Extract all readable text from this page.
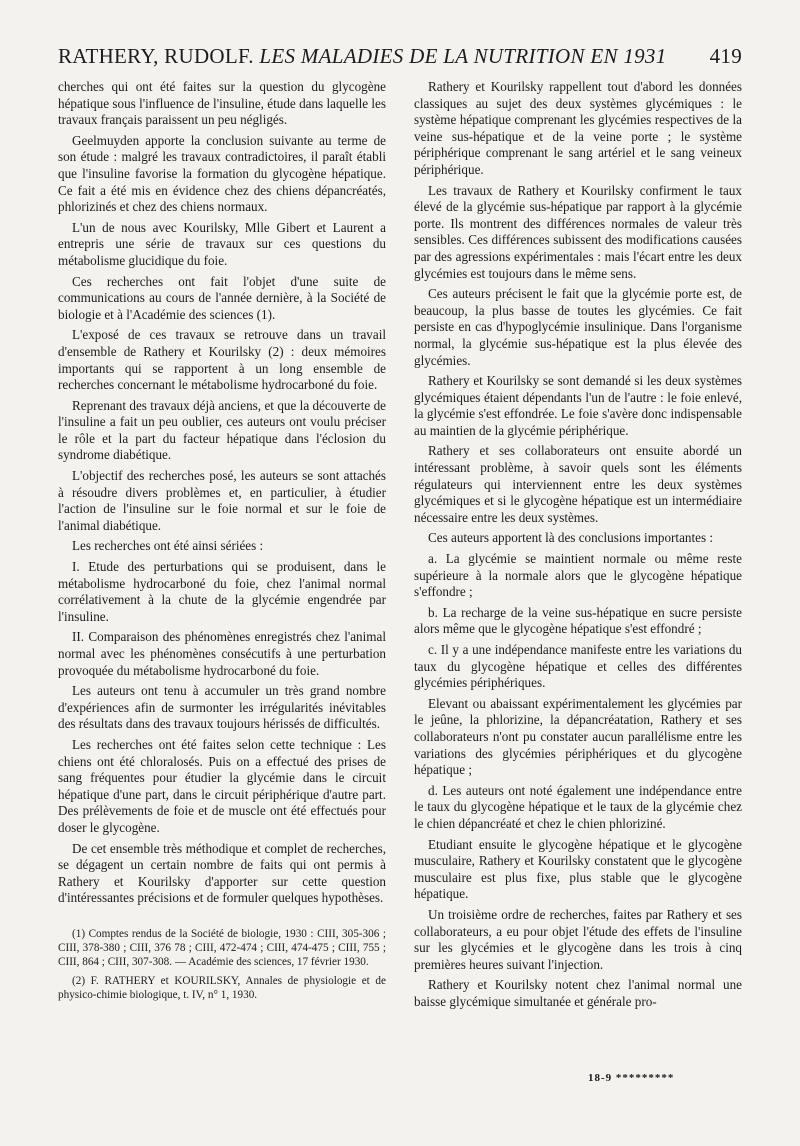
RATHERY, RUDOLF. LES MALADIES DE LA NUTRITION EN 1931 419

cherches qui ont été faites sur la question du glycogène hépatique sous l'influence de l'insuline, étude dans laquelle les travaux français paraissent un peu négligés.

Geelmuyden apporte la conclusion suivante au terme de son étude : malgré les travaux contradictoires, il paraît établi que l'insuline favorise la formation du glycogène hépatique. Ce fait a été mis en évidence chez des chiens dépancréatés, phlorizinés et chez des chiens normaux.

L'un de nous avec Kourilsky, Mlle Gibert et Laurent a entrepris une série de travaux sur ces questions du métabolisme glucidique du foie.

Ces recherches ont fait l'objet d'une suite de communications au cours de l'année dernière, à la Société de biologie et à l'Académie des sciences (1).

L'exposé de ces travaux se retrouve dans un travail d'ensemble de Rathery et Kourilsky (2) : deux mémoires importants qui se rapportent à un long ensemble de recherches concernant le métabolisme hydrocarboné du foie.

Reprenant des travaux déjà anciens, et que la découverte de l'insuline a fait un peu oublier, ces auteurs ont voulu préciser le rôle et la part du facteur hépatique dans l'éclosion du syndrome diabétique.

L'objectif des recherches posé, les auteurs se sont attachés à résoudre divers problèmes et, en particulier, à étudier l'action de l'insuline sur le foie normal et sur le foie de l'animal diabétique.

Les recherches ont été ainsi sériées :

I. Etude des perturbations qui se produisent, dans le métabolisme hydrocarboné du foie, chez l'animal normal corrélativement à la chute de la glycémie engendrée par l'insuline.

II. Comparaison des phénomènes enregistrés chez l'animal normal avec les phénomènes consécutifs à une perturbation provoquée du métabolisme hydrocarboné du foie.

Les auteurs ont tenu à accumuler un très grand nombre d'expériences afin de surmonter les irrégularités inévitables des résultats dans des travaux toujours hérissés de difficultés.

Les recherches ont été faites selon cette technique : Les chiens ont été chloralosés. Puis on a effectué des prises de sang fréquentes pour étudier la glycémie dans le circuit hépatique d'une part, dans le circuit périphérique d'autre part. Des prélèvements de foie et de muscle ont été effectués pour doser le glycogène.

De cet ensemble très méthodique et complet de recherches, se dégagent un certain nombre de faits qui ont permis à Rathery et Kourilsky d'apporter sur cette question d'intéressantes précisions et de formuler quelques hypothèses.

(1) Comptes rendus de la Société de biologie, 1930 : CIII, 305-306 ; CIII, 378-380 ; CIII, 376 78 ; CIII, 472-474 ; CIII, 474-475 ; CIII, 755 ; CIII, 864 ; CIII, 307-308. — Académie des sciences, 17 février 1930.

(2) F. RATHERY et KOURILSKY, Annales de physiologie et de physico-chimie biologique, t. IV, n° 1, 1930.

Rathery et Kourilsky rappellent tout d'abord les données classiques au sujet des deux systèmes glycémiques : le système hépatique comprenant les glycémies respectives de la veine sus-hépatique et de la veine porte ; le système périphérique comprenant le sang artériel et le sang veineux périphérique.

Les travaux de Rathery et Kourilsky confirment le taux élevé de la glycémie sus-hépatique par rapport à la glycémie porte. Ils montrent des différences normales de valeur très sensibles. Ces différences subissent des modifications causées par des agressions expérimentales : mais l'écart entre les deux glycémies est toujours dans le même sens.

Ces auteurs précisent le fait que la glycémie porte est, de beaucoup, la plus basse de toutes les glycémies. Ce fait persiste en cas d'hypoglycémie insulinique. Dans l'organisme normal, la glycémie sus-hépatique est la plus élevée des glycémies.

Rathery et Kourilsky se sont demandé si les deux systèmes glycémiques étaient dépendants l'un de l'autre : le foie enlevé, la glycémie s'est effondrée. Le foie s'avère donc indispensable au maintien de la glycémie périphérique.

Rathery et ses collaborateurs ont ensuite abordé un intéressant problème, à savoir quels sont les éléments régulateurs qui interviennent entre les deux systèmes glycémiques et si le glycogène hépatique est un intermédiaire nécessaire entre les deux systèmes.

Ces auteurs apportent là des conclusions importantes :

a. La glycémie se maintient normale ou même reste supérieure à la normale alors que le glycogène hépatique s'effondre ;

b. La recharge de la veine sus-hépatique en sucre persiste alors même que le glycogène hépatique s'est effondré ;

c. Il y a une indépendance manifeste entre les variations du taux du glycogène hépatique et celles des différentes glycémies périphériques.

Elevant ou abaissant expérimentalement les glycémies par le jeûne, la phlorizine, la dépancréatation, Rathery et ses collaborateurs n'ont pu constater aucun parallélisme entre les variations des glycémies périphériques et du glycogène hépatique ;

d. Les auteurs ont noté également une indépendance entre le taux du glycogène hépatique et le taux de la glycémie chez le chien dépancréaté et chez le chien phloriziné.

Etudiant ensuite le glycogène hépatique et le glycogène musculaire, Rathery et Kourilsky constatent que le glycogène musculaire est plus fixe, plus stable que le glycogène hépatique.

Un troisième ordre de recherches, faites par Rathery et ses collaborateurs, a eu pour objet l'étude des effets de l'insuline sur les glycémies et le glycogène dans les trois à cinq premières heures suivant l'injection.

Rathery et Kourilsky notent chez l'animal normal une baisse glycémique simultanée et générale pro-

18-9 *********
